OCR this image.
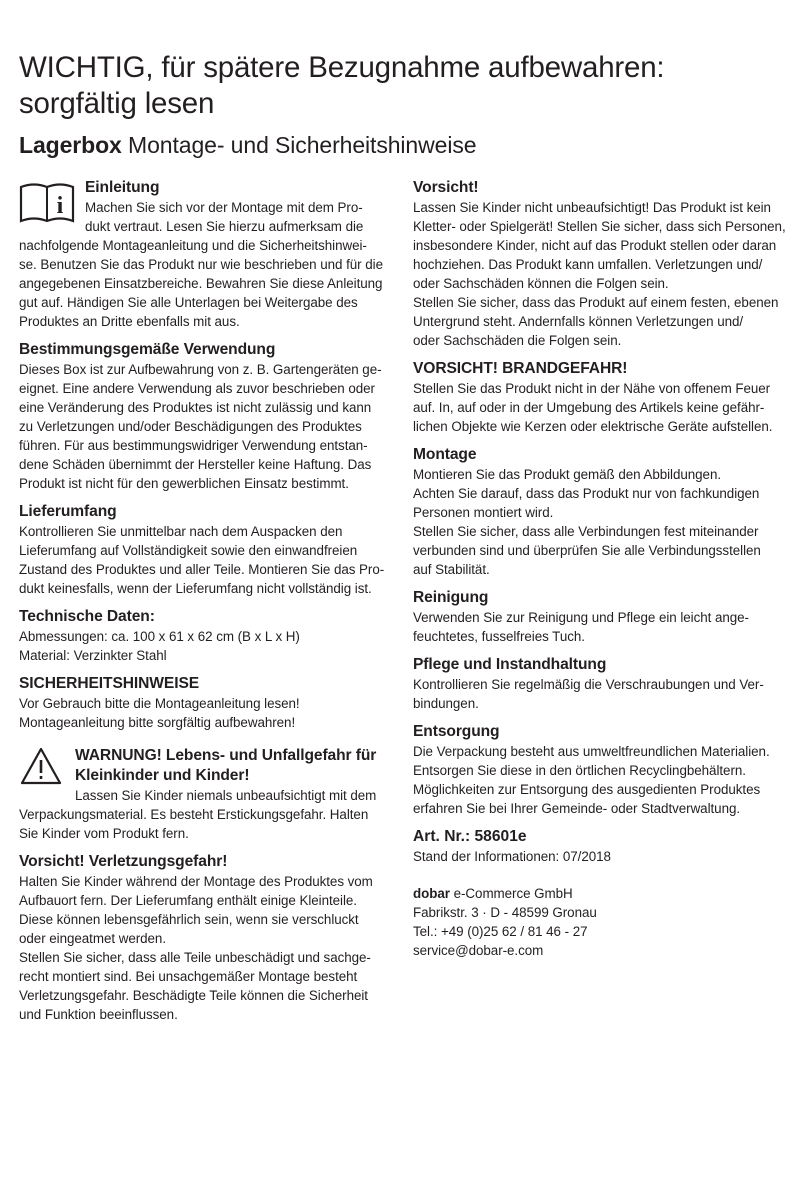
WICHTIG, für spätere Bezugnahme aufbewahren:
sorgfältig lesen
Lagerbox Montage- und Sicherheitshinweise
i
Einleitung
Machen Sie sich vor der Montage mit dem Pro-
dukt vertraut. Lesen Sie hierzu aufmerksam die
nachfolgende Montageanleitung und die Sicherheitshinwei-
se. Benutzen Sie das Produkt nur wie beschrieben und für die
angegebenen Einsatzbereiche. Bewahren Sie diese Anleitung
gut auf. Händigen Sie alle Unterlagen bei Weitergabe des
Produktes an Dritte ebenfalls mit aus.
Bestimmungsgemäße Verwendung
Dieses Box ist zur Aufbewahrung von z. B. Gartengeräten ge-
eignet. Eine andere Verwendung als zuvor beschrieben oder
eine Veränderung des Produktes ist nicht zulässig und kann
zu Verletzungen und/oder Beschädigungen des Produktes
führen. Für aus bestimmungswidriger Verwendung entstan-
dene Schäden übernimmt der Hersteller keine Haftung. Das
Produkt ist nicht für den gewerblichen Einsatz bestimmt.
Lieferumfang
Kontrollieren Sie unmittelbar nach dem Auspacken den
Lieferumfang auf Vollständigkeit sowie den einwandfreien
Zustand des Produktes und aller Teile. Montieren Sie das Pro-
dukt keinesfalls, wenn der Lieferumfang nicht vollständig ist.
Technische Daten:
Abmessungen: ca. 100 x 61 x 62 cm (B x L x H)
Material: Verzinkter Stahl
SICHERHEITSHINWEISE
Vor Gebrauch bitte die Montageanleitung lesen!
Montageanleitung bitte sorgfältig aufbewahren!
WARNUNG! Lebens- und Unfallgefahr für
Kleinkinder und Kinder!
Lassen Sie Kinder niemals unbeaufsichtigt mit dem
Verpackungsmaterial. Es besteht Erstickungsgefahr. Halten
Sie Kinder vom Produkt fern.
Vorsicht! Verletzungsgefahr!
Halten Sie Kinder während der Montage des Produktes vom
Aufbauort fern. Der Lieferumfang enthält einige Kleinteile.
Diese können lebensgefährlich sein, wenn sie verschluckt
oder eingeatmet werden.
Stellen Sie sicher, dass alle Teile unbeschädigt und sachge-
recht montiert sind. Bei unsachgemäßer Montage besteht
Verletzungsgefahr. Beschädigte Teile können die Sicherheit
und Funktion beeinflussen.
Vorsicht!
Lassen Sie Kinder nicht unbeaufsichtigt! Das Produkt ist kein
Kletter- oder Spielgerät! Stellen Sie sicher, dass sich Personen,
insbesondere Kinder, nicht auf das Produkt stellen oder daran
hochziehen. Das Produkt kann umfallen. Verletzungen und/
oder Sachschäden können die Folgen sein.
Stellen Sie sicher, dass das Produkt auf einem festen, ebenen
Untergrund steht. Andernfalls können Verletzungen und/
oder Sachschäden die Folgen sein.
VORSICHT! BRANDGEFAHR!
Stellen Sie das Produkt nicht in der Nähe von offenem Feuer
auf. In, auf oder in der Umgebung des Artikels keine gefähr-
lichen Objekte wie Kerzen oder elektrische Geräte aufstellen.
Montage
Montieren Sie das Produkt gemäß den Abbildungen.
Achten Sie darauf, dass das Produkt nur von fachkundigen
Personen montiert wird.
Stellen Sie sicher, dass alle Verbindungen fest miteinander
verbunden sind und überprüfen Sie alle Verbindungsstellen
auf Stabilität.
Reinigung
Verwenden Sie zur Reinigung und Pflege ein leicht ange-
feuchtetes, fusselfreies Tuch.
Pflege und Instandhaltung
Kontrollieren Sie regelmäßig die Verschraubungen und Ver-
bindungen.
Entsorgung
Die Verpackung besteht aus umweltfreundlichen Materialien.
Entsorgen Sie diese in den örtlichen Recyclingbehältern.
Möglichkeiten zur Entsorgung des ausgedienten Produktes
erfahren Sie bei Ihrer Gemeinde- oder Stadtverwaltung.
Art. Nr.: 58601e
Stand der Informationen: 07/2018
dobar e-Commerce GmbH
Fabrikstr. 3 · D - 48599 Gronau
Tel.: +49 (0)25 62 / 81 46 - 27
service@dobar-e.com
